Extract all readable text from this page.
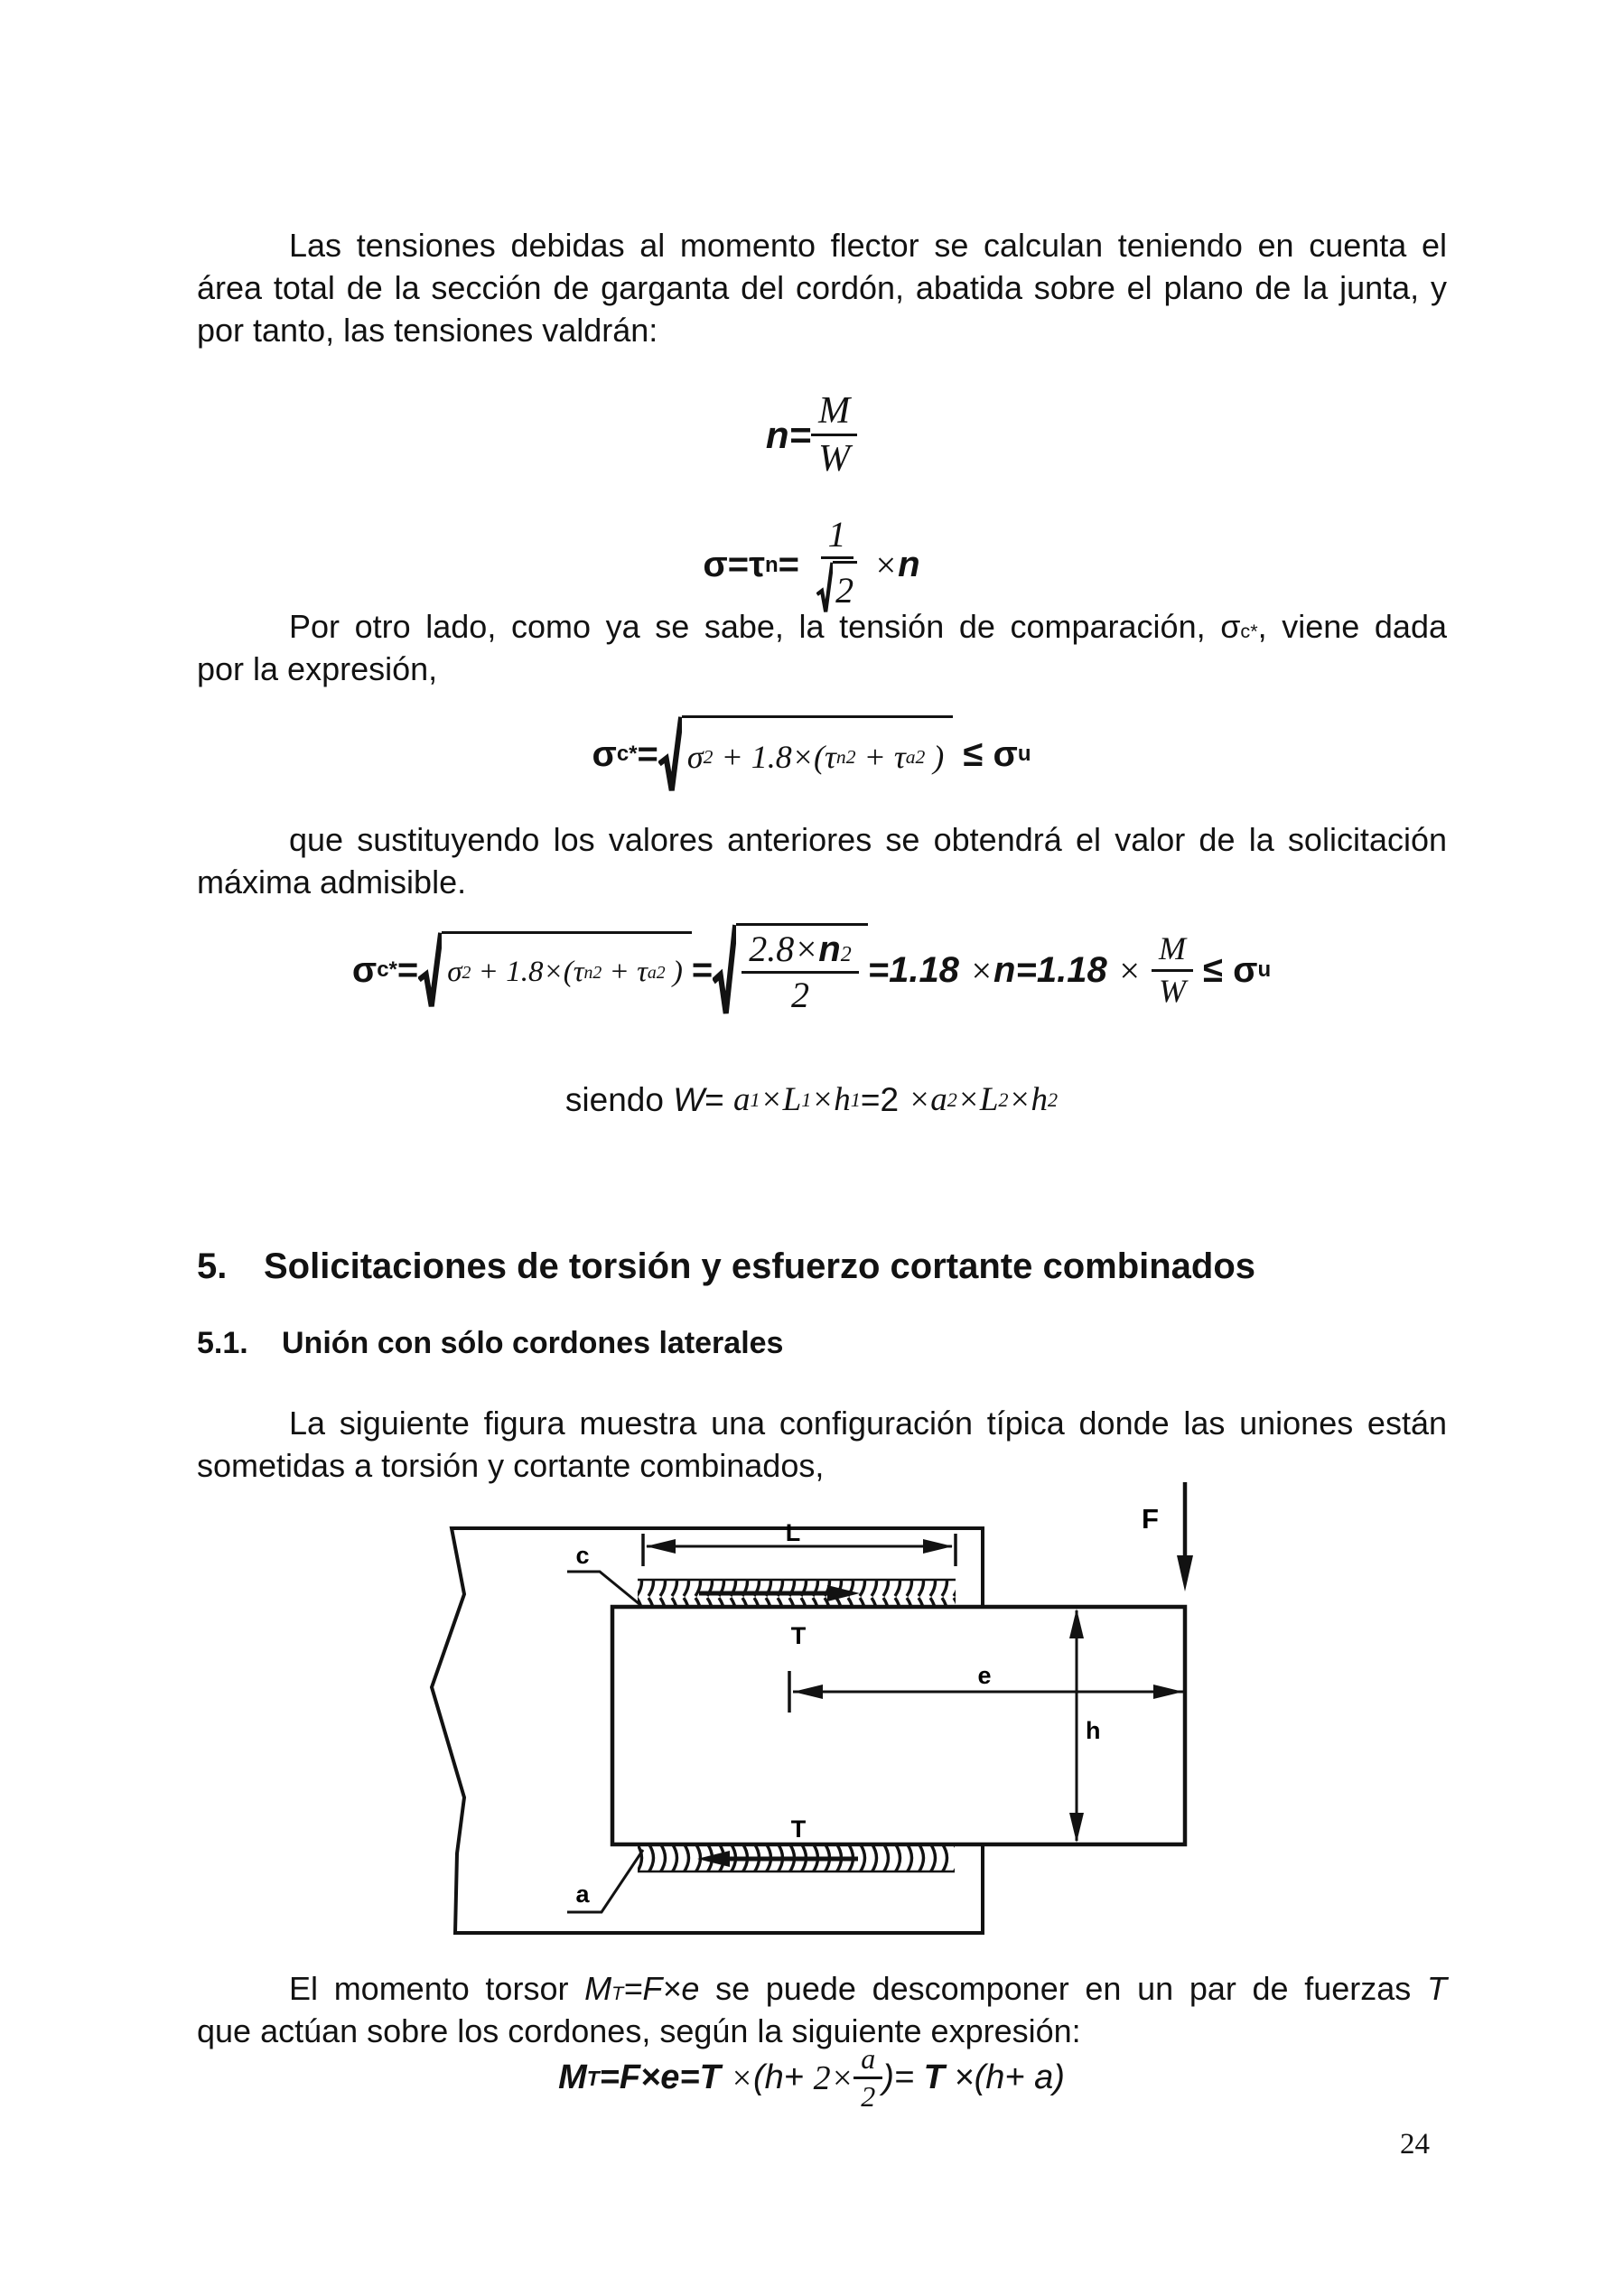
Las tensiones debidas al momento flector se calculan teniendo en cuenta el
área total de la sección de garganta del cordón, abatida sobre el plano de la junta, y
por tanto, las tensiones valdrán:
$n= \frac{M}{W}$
σ=τ $n = \frac{1}{2} \times n$
Por otro lado, como ya se sabe, la tensión de comparación, $\sigma_c^*$, viene dada
por la expresión,
σ c * = σ 2 + 1.8×( τ n 2 + τ a 2 ) ≤ σ u
que sustituyendo los valores anteriores se obtendrá el valor de la solicitación
máxima admisible.
σ c * = σ 2 + 1.8×( τ n 2 + τ a 2 ) = $\frac{2.8\times n^2}{2} =1.18 \times n =1.18$ ×
$\frac{M}{W} \le \sigma$ u
siendo W = a 1 × L 1 × h 1 =2 × a 2 × L 2 × h 2
5. Solicitaciones de torsión y esfuerzo cortante combinados
5.1. Unión con sólo cordones laterales
La siguiente figura muestra una configuración típica donde las uniones están
sometidas a torsión y cortante combinados,
F
L
c
a
T
T
e
h
El momento torsor $M_T=F\times e$ se puede descomponer en un par de fuerzas T
que actúan sobre los cordones, según la siguiente expresión:
M $T =F\times e=T \times (h+ 2\times \frac{a}{2}$ )= T ×(h+ a)
24
